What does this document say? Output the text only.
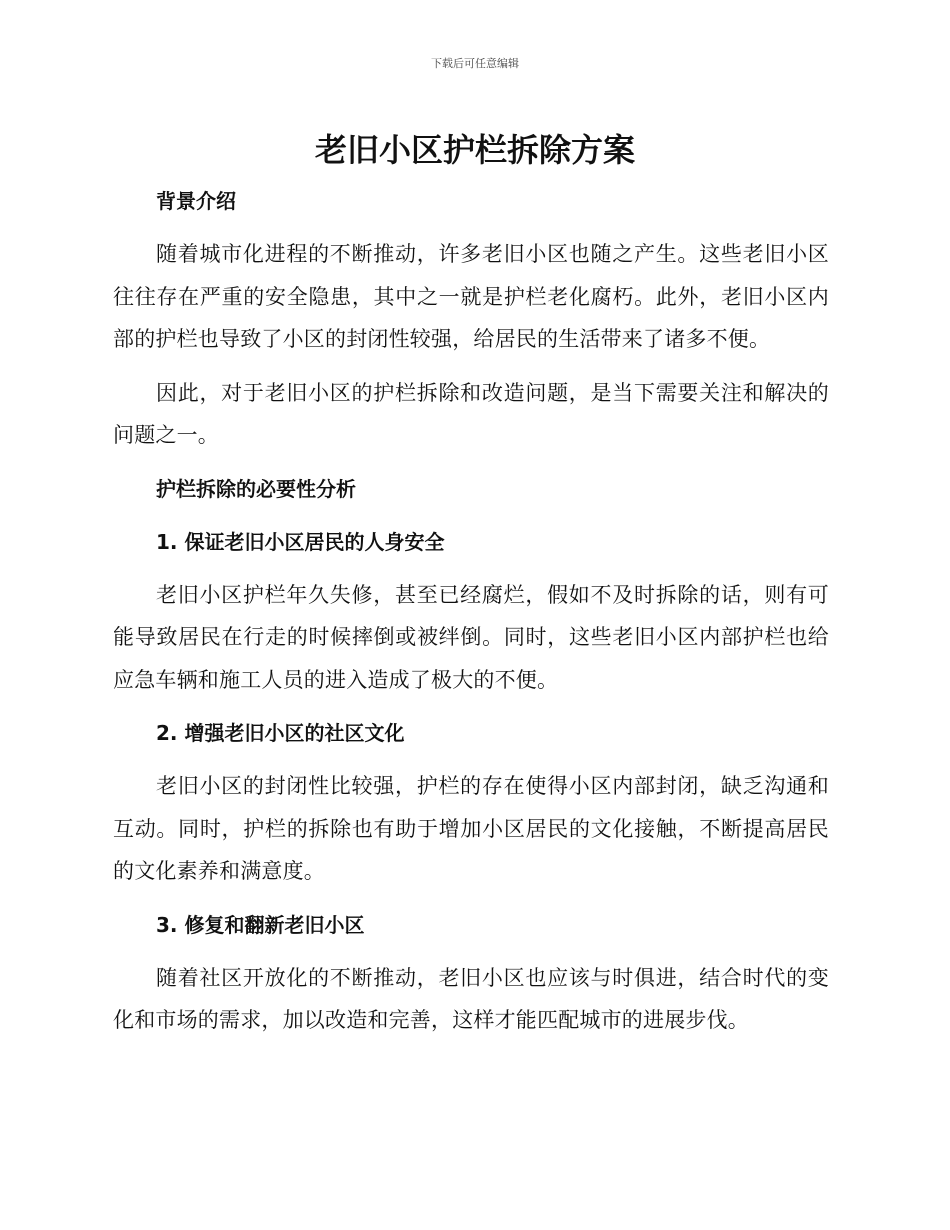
下载后可任意编辑
老旧小区护栏拆除方案

背景介绍

随着城市化进程的不断推动，许多老旧小区也随之产生。这些老旧小区往往存在严重的安全隐患，其中之一就是护栏老化腐朽。此外，老旧小区内部的护栏也导致了小区的封闭性较强，给居民的生活带来了诸多不便。

因此，对于老旧小区的护栏拆除和改造问题，是当下需要关注和解决的问题之一。

护栏拆除的必要性分析

1. 保证老旧小区居民的人身安全

老旧小区护栏年久失修，甚至已经腐烂，假如不及时拆除的话，则有可能导致居民在行走的时候摔倒或被绊倒。同时，这些老旧小区内部护栏也给应急车辆和施工人员的进入造成了极大的不便。

2. 增强老旧小区的社区文化

老旧小区的封闭性比较强，护栏的存在使得小区内部封闭，缺乏沟通和互动。同时，护栏的拆除也有助于增加小区居民的文化接触，不断提高居民的文化素养和满意度。

3. 修复和翻新老旧小区

随着社区开放化的不断推动，老旧小区也应该与时俱进，结合时代的变化和市场的需求，加以改造和完善，这样才能匹配城市的进展步伐。
